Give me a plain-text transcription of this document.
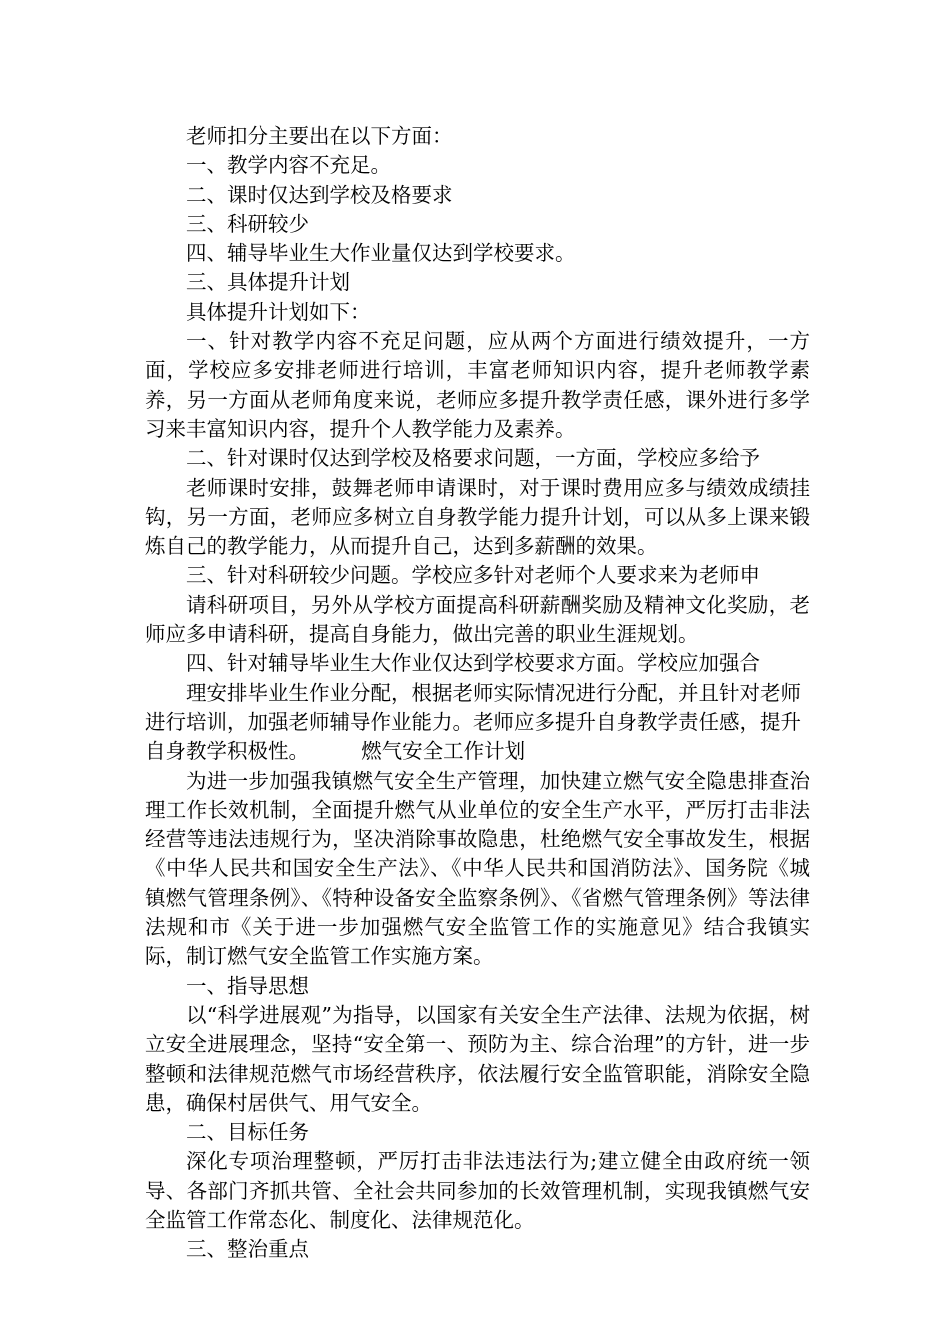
老师扣分主要出在以下方面：

一、教学内容不充足。

二、课时仅达到学校及格要求

三、科研较少

四、辅导毕业生大作业量仅达到学校要求。

三、具体提升计划

具体提升计划如下：

一、针对教学内容不充足问题，应从两个方面进行绩效提升，一方面，学校应多安排老师进行培训，丰富老师知识内容，提升老师教学素养，另一方面从老师角度来说，老师应多提升教学责任感，课外进行多学习来丰富知识内容，提升个人教学能力及素养。

二、针对课时仅达到学校及格要求问题，一方面，学校应多给予

老师课时安排，鼓舞老师申请课时，对于课时费用应多与绩效成绩挂钩，另一方面，老师应多树立自身教学能力提升计划，可以从多上课来锻炼自己的教学能力，从而提升自己，达到多薪酬的效果。

三、针对科研较少问题。学校应多针对老师个人要求来为老师申

请科研项目，另外从学校方面提高科研薪酬奖励及精神文化奖励，老师应多申请科研，提高自身能力，做出完善的职业生涯规划。

四、针对辅导毕业生大作业仅达到学校要求方面。学校应加强合

理安排毕业生作业分配，根据老师实际情况进行分配，并且针对老师进行培训，加强老师辅导作业能力。老师应多提升自身教学责任感，提升自身教学积极性。        燃气安全工作计划

为进一步加强我镇燃气安全生产管理，加快建立燃气安全隐患排查治理工作长效机制，全面提升燃气从业单位的安全生产水平，严厉打击非法经营等违法违规行为，坚决消除事故隐患，杜绝燃气安全事故发生，根据《中华人民共和国安全生产法》、《中华人民共和国消防法》、国务院《城镇燃气管理条例》、《特种设备安全监察条例》、《省燃气管理条例》等法律法规和市《关于进一步加强燃气安全监管工作的实施意见》结合我镇实际，制订燃气安全监管工作实施方案。

一、指导思想

以“科学进展观”为指导，以国家有关安全生产法律、法规为依据，树立安全进展理念，坚持“安全第一、预防为主、综合治理”的方针，进一步整顿和法律规范燃气市场经营秩序，依法履行安全监管职能，消除安全隐患，确保村居供气、用气安全。

二、目标任务

深化专项治理整顿，严厉打击非法违法行为;建立健全由政府统一领导、各部门齐抓共管、全社会共同参加的长效管理机制，实现我镇燃气安全监管工作常态化、制度化、法律规范化。

三、整治重点
